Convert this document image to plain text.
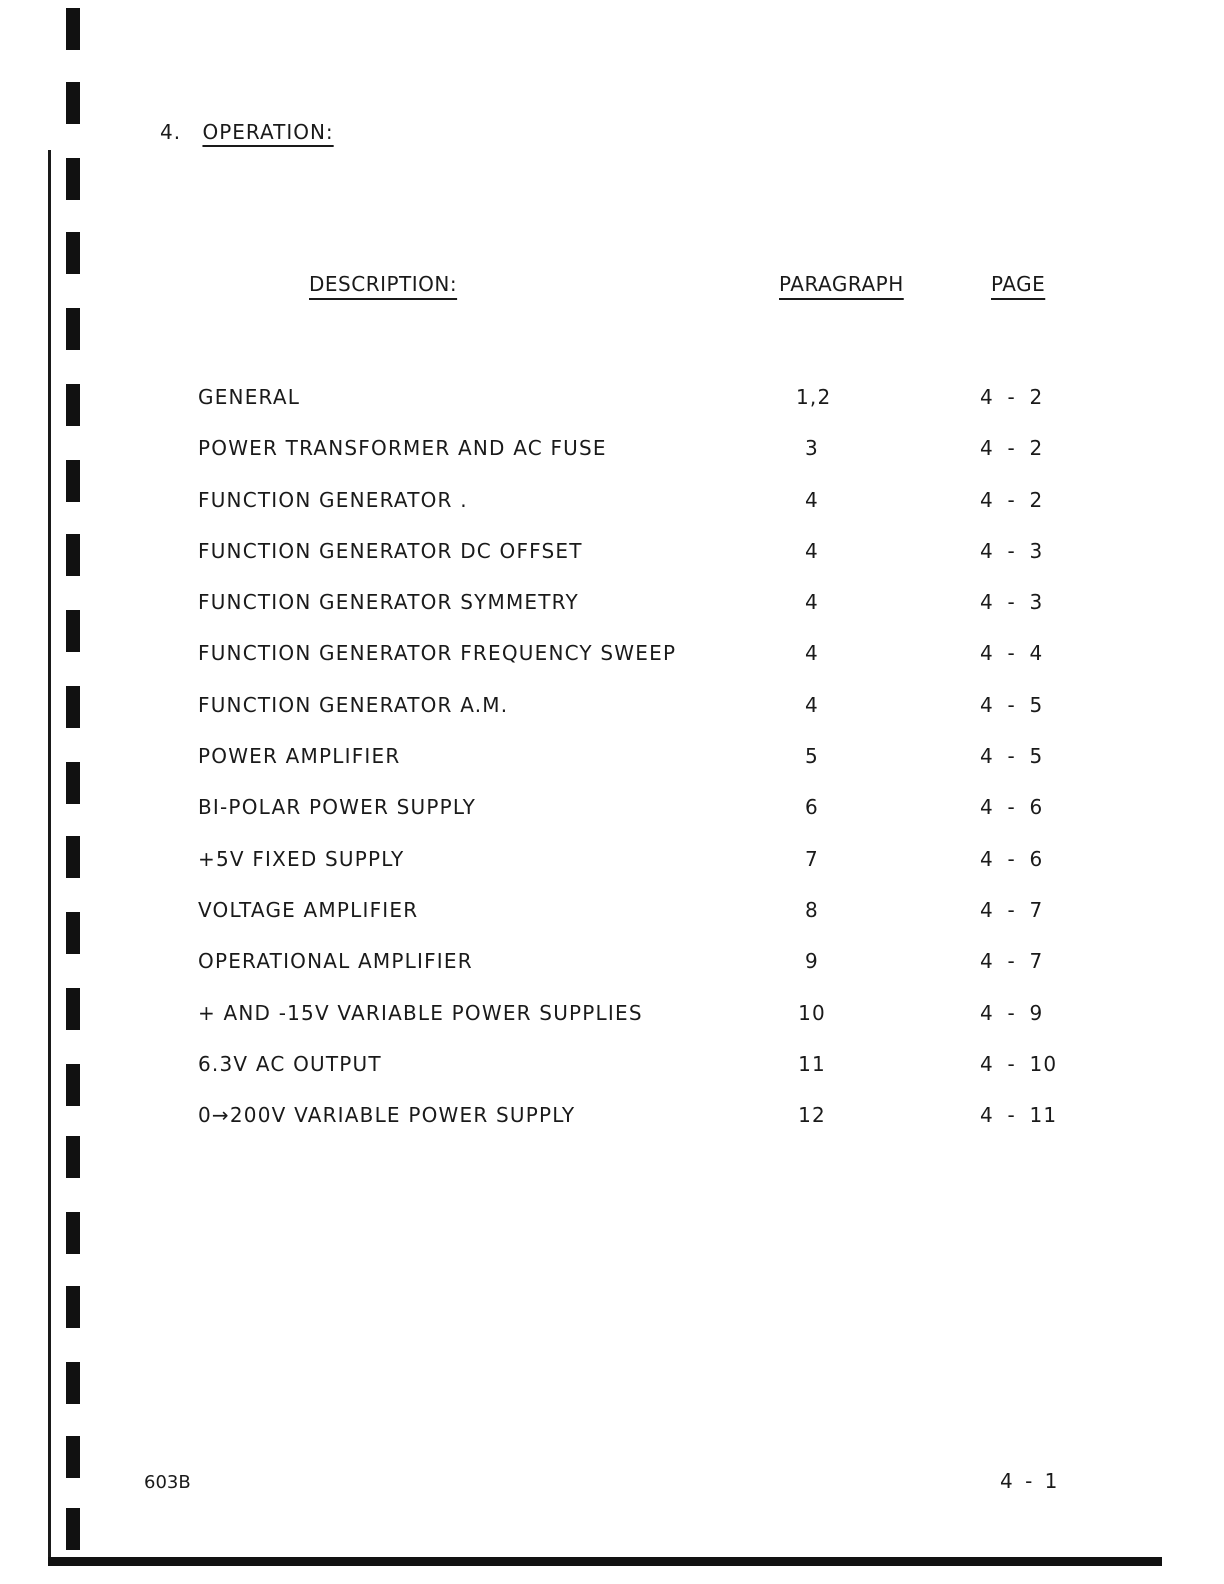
4. OPERATION:
DESCRIPTION:	PARAGRAPH	PAGE
GENERAL	1,2	4 - 2
POWER TRANSFORMER AND AC FUSE	3	4 - 2
FUNCTION GENERATOR .	4	4 - 2
FUNCTION GENERATOR DC OFFSET	4	4 - 3
FUNCTION GENERATOR SYMMETRY	4	4 - 3
FUNCTION GENERATOR FREQUENCY SWEEP	4	4 - 4
FUNCTION GENERATOR A.M.	4	4 - 5
POWER AMPLIFIER	5	4 - 5
BI-POLAR POWER SUPPLY	6	4 - 6
+5V FIXED SUPPLY	7	4 - 6
VOLTAGE AMPLIFIER	8	4 - 7
OPERATIONAL AMPLIFIER	9	4 - 7
+ AND -15V VARIABLE POWER SUPPLIES	10	4 - 9
6.3V AC OUTPUT	11	4 - 10
0→200V VARIABLE POWER SUPPLY	12	4 - 11
603B	4 - 1
